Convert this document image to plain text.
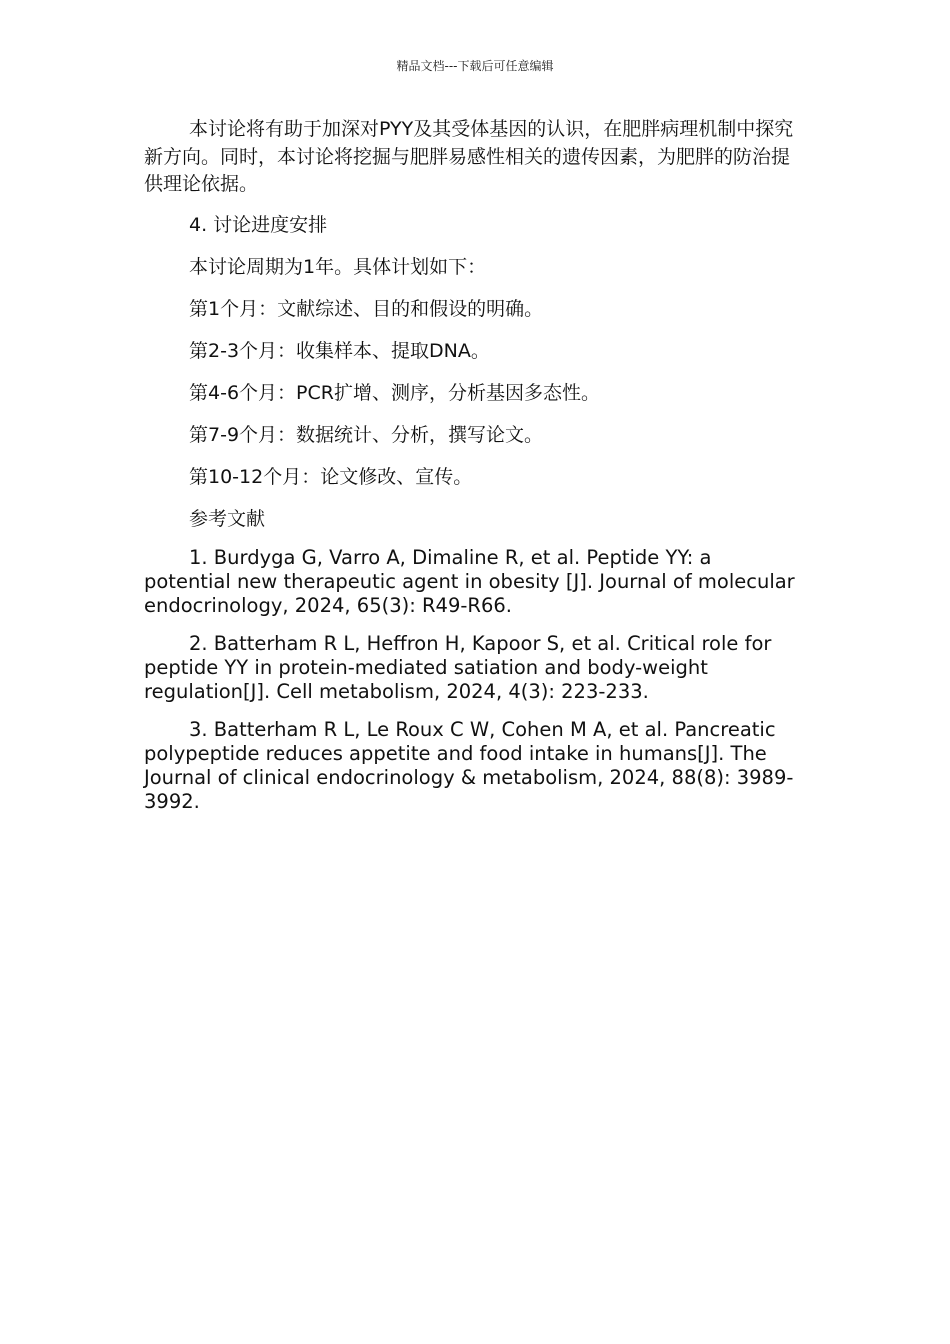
精品文档---下载后可任意编辑

本讨论将有助于加深对PYY及其受体基因的认识，在肥胖病理机制中探究新方向。同时，本讨论将挖掘与肥胖易感性相关的遗传因素，为肥胖的防治提供理论依据。

4. 讨论进度安排

本讨论周期为1年。具体计划如下：

第1个月：文献综述、目的和假设的明确。

第2-3个月：收集样本、提取DNA。

第4-6个月：PCR扩增、测序，分析基因多态性。

第7-9个月：数据统计、分析，撰写论文。

第10-12个月：论文修改、宣传。

参考文献

1. Burdyga G, Varro A, Dimaline R, et al. Peptide YY: a potential new therapeutic agent in obesity [J]. Journal of molecular endocrinology, 2024, 65(3): R49-R66.

2. Batterham R L, Heffron H, Kapoor S, et al. Critical role for peptide YY in protein-mediated satiation and body-weight regulation[J]. Cell metabolism, 2024, 4(3): 223-233.

3. Batterham R L, Le Roux C W, Cohen M A, et al. Pancreatic polypeptide reduces appetite and food intake in humans[J]. The Journal of clinical endocrinology & metabolism, 2024, 88(8): 3989-3992.
